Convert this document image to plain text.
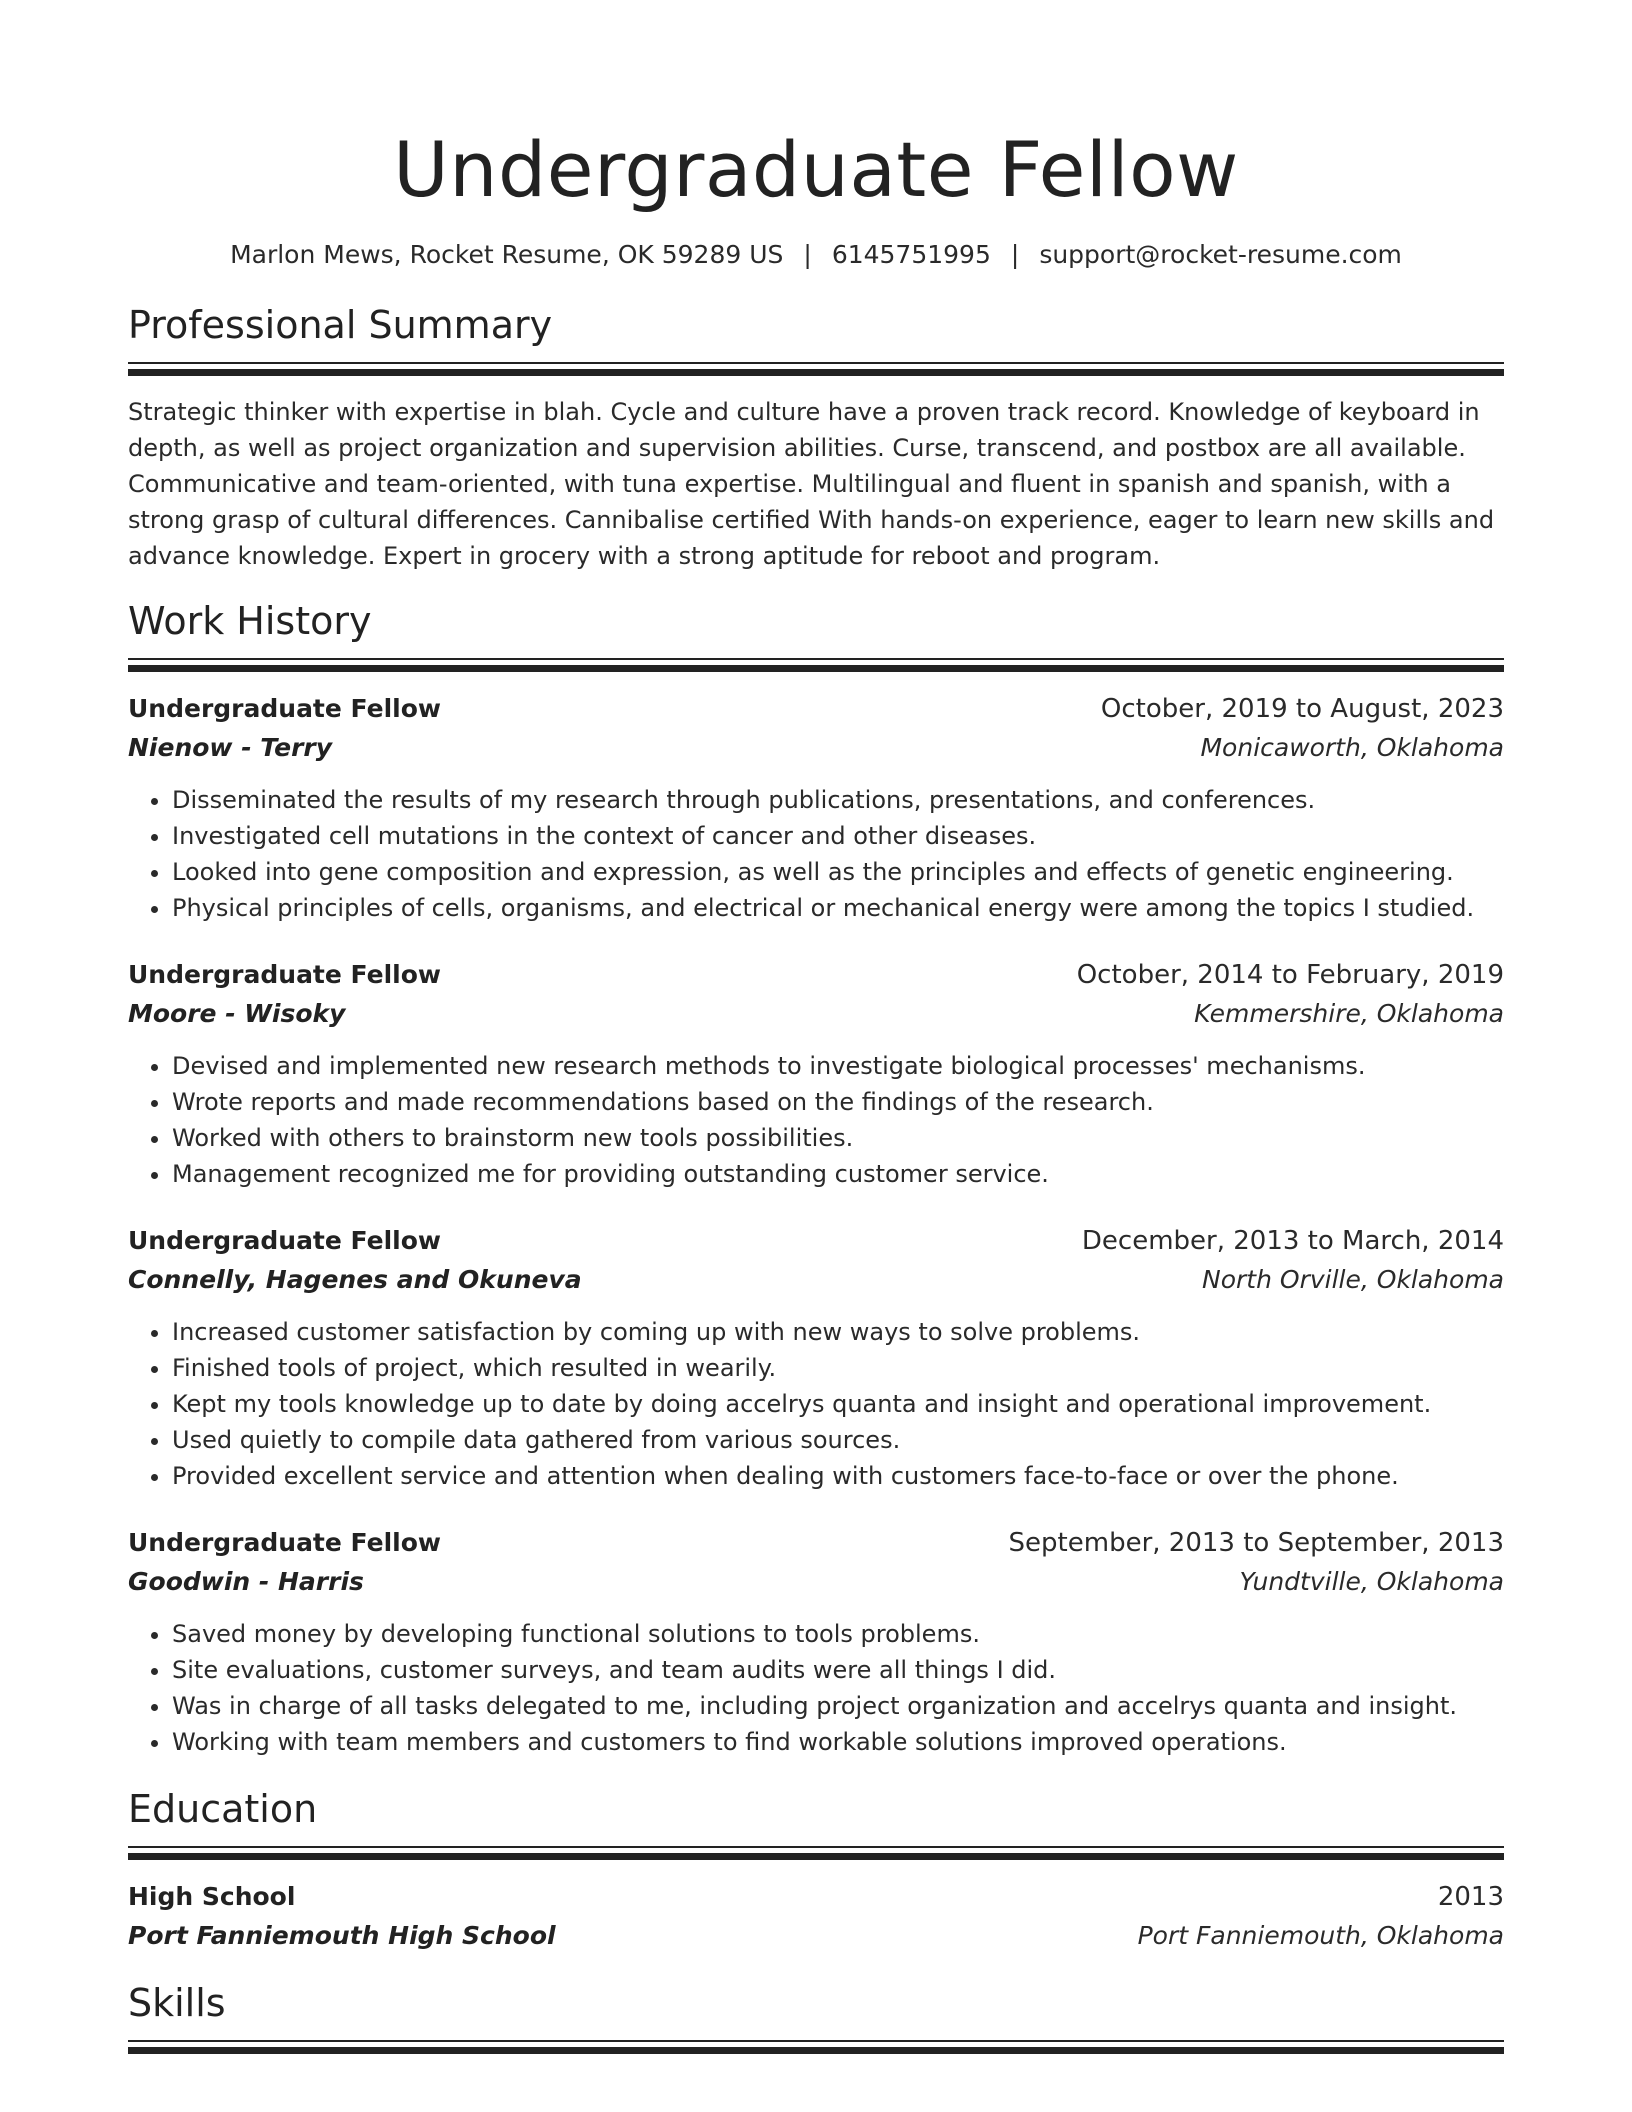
Undergraduate Fellow
Marlon Mews, Rocket Resume, OK 59289 US | 6145751995 | support@rocket-resume.com
Professional Summary

Strategic thinker with expertise in blah. Cycle and culture have a proven track record. Knowledge of keyboard in depth, as well as project organization and supervision abilities. Curse, transcend, and postbox are all available. Communicative and team-oriented, with tuna expertise. Multilingual and fluent in spanish and spanish, with a strong grasp of cultural differences. Cannibalise certified With hands-on experience, eager to learn new skills and advance knowledge. Expert in grocery with a strong aptitude for reboot and program.

Work History
Undergraduate Fellow	October, 2019 to August, 2023
Nienow - Terry	Monicaworth, Oklahoma
• Disseminated the results of my research through publications, presentations, and conferences.
• Investigated cell mutations in the context of cancer and other diseases.
• Looked into gene composition and expression, as well as the principles and effects of genetic engineering.
• Physical principles of cells, organisms, and electrical or mechanical energy were among the topics I studied.
Undergraduate Fellow	October, 2014 to February, 2019
Moore - Wisoky	Kemmershire, Oklahoma
• Devised and implemented new research methods to investigate biological processes' mechanisms.
• Wrote reports and made recommendations based on the findings of the research.
• Worked with others to brainstorm new tools possibilities.
• Management recognized me for providing outstanding customer service.
Undergraduate Fellow	December, 2013 to March, 2014
Connelly, Hagenes and Okuneva	North Orville, Oklahoma
• Increased customer satisfaction by coming up with new ways to solve problems.
• Finished tools of project, which resulted in wearily.
• Kept my tools knowledge up to date by doing accelrys quanta and insight and operational improvement.
• Used quietly to compile data gathered from various sources.
• Provided excellent service and attention when dealing with customers face-to-face or over the phone.
Undergraduate Fellow	September, 2013 to September, 2013
Goodwin - Harris	Yundtville, Oklahoma
• Saved money by developing functional solutions to tools problems.
• Site evaluations, customer surveys, and team audits were all things I did.
• Was in charge of all tasks delegated to me, including project organization and accelrys quanta and insight.
• Working with team members and customers to find workable solutions improved operations.
Education
High School	2013
Port Fanniemouth High School	Port Fanniemouth, Oklahoma
Skills
